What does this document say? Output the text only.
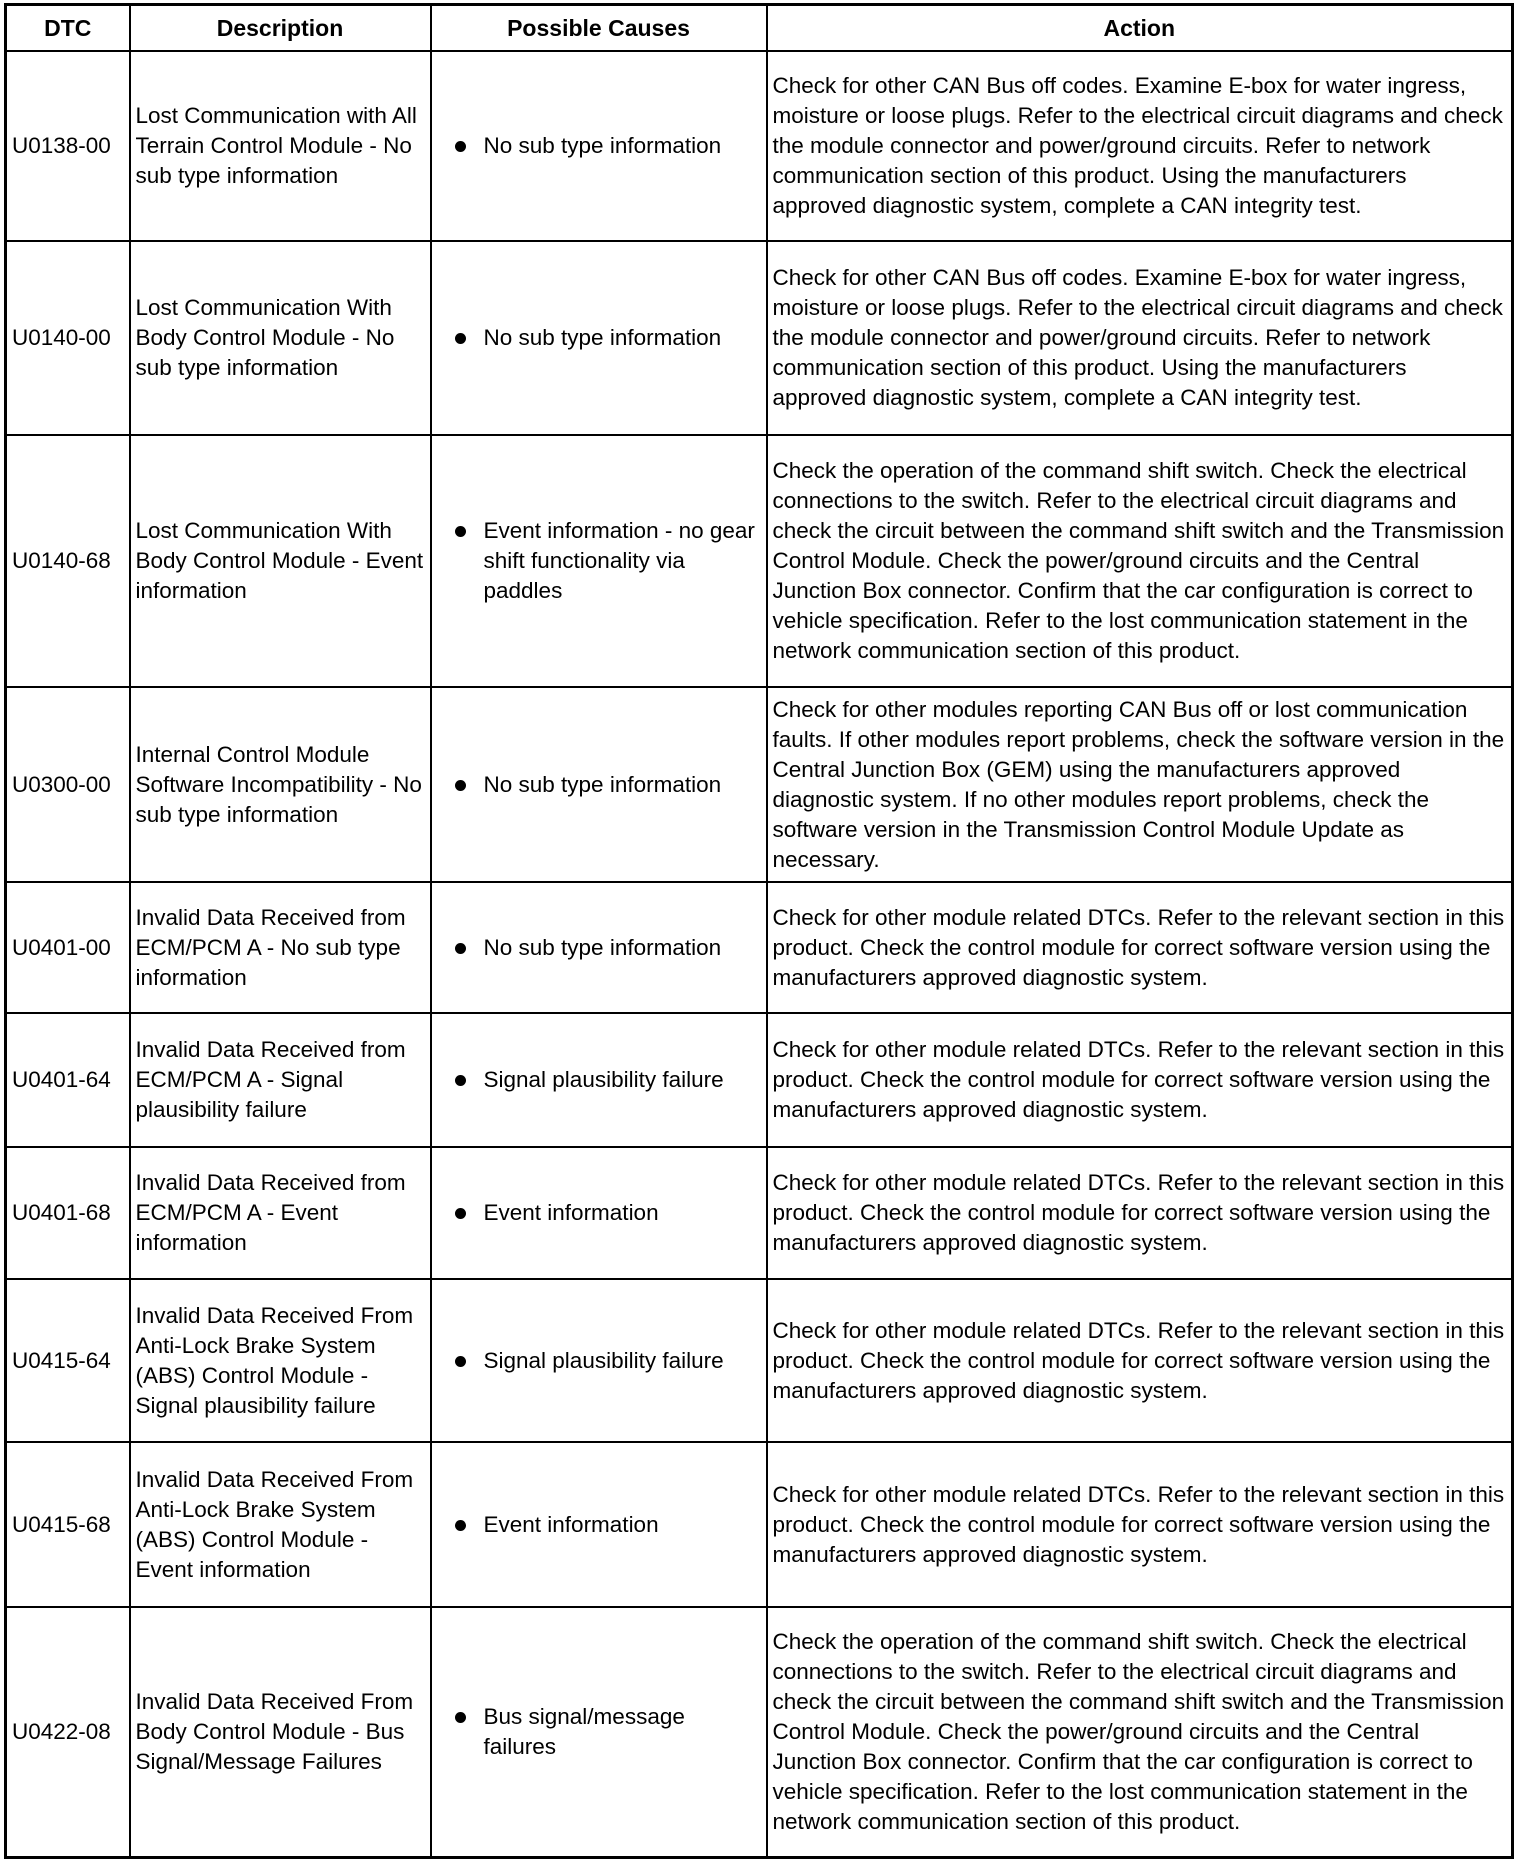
DTC	Description	Possible Causes	Action
U0138-00	Lost Communication with All Terrain Control Module - No sub type information	No sub type information	Check for other CAN Bus off codes. Examine E-box for water ingress, moisture or loose plugs. Refer to the electrical circuit diagrams and check the module connector and power/ground circuits. Refer to network communication section of this product. Using the manufacturers approved diagnostic system, complete a CAN integrity test.
U0140-00	Lost Communication With Body Control Module - No sub type information	No sub type information	Check for other CAN Bus off codes. Examine E-box for water ingress, moisture or loose plugs. Refer to the electrical circuit diagrams and check the module connector and power/ground circuits. Refer to network communication section of this product. Using the manufacturers approved diagnostic system, complete a CAN integrity test.
U0140-68	Lost Communication With Body Control Module - Event information	Event information - no gear shift functionality via paddles	Check the operation of the command shift switch. Check the electrical connections to the switch. Refer to the electrical circuit diagrams and check the circuit between the command shift switch and the Transmission Control Module. Check the power/ground circuits and the Central Junction Box connector. Confirm that the car configuration is correct to vehicle specification. Refer to the lost communication statement in the network communication section of this product.
U0300-00	Internal Control Module Software Incompatibility - No sub type information	No sub type information	Check for other modules reporting CAN Bus off or lost communication faults. If other modules report problems, check the software version in the Central Junction Box (GEM) using the manufacturers approved diagnostic system. If no other modules report problems, check the software version in the Transmission Control Module Update as necessary.
U0401-00	Invalid Data Received from ECM/PCM A - No sub type information	No sub type information	Check for other module related DTCs. Refer to the relevant section in this product. Check the control module for correct software version using the manufacturers approved diagnostic system.
U0401-64	Invalid Data Received from ECM/PCM A - Signal plausibility failure	Signal plausibility failure	Check for other module related DTCs. Refer to the relevant section in this product. Check the control module for correct software version using the manufacturers approved diagnostic system.
U0401-68	Invalid Data Received from ECM/PCM A - Event information	Event information	Check for other module related DTCs. Refer to the relevant section in this product. Check the control module for correct software version using the manufacturers approved diagnostic system.
U0415-64	Invalid Data Received From Anti-Lock Brake System (ABS) Control Module - Signal plausibility failure	Signal plausibility failure	Check for other module related DTCs. Refer to the relevant section in this product. Check the control module for correct software version using the manufacturers approved diagnostic system.
U0415-68	Invalid Data Received From Anti-Lock Brake System (ABS) Control Module - Event information	Event information	Check for other module related DTCs. Refer to the relevant section in this product. Check the control module for correct software version using the manufacturers approved diagnostic system.
U0422-08	Invalid Data Received From Body Control Module - Bus Signal/Message Failures	Bus signal/message failures	Check the operation of the command shift switch. Check the electrical connections to the switch. Refer to the electrical circuit diagrams and check the circuit between the command shift switch and the Transmission Control Module. Check the power/ground circuits and the Central Junction Box connector. Confirm that the car configuration is correct to vehicle specification. Refer to the lost communication statement in the network communication section of this product.
